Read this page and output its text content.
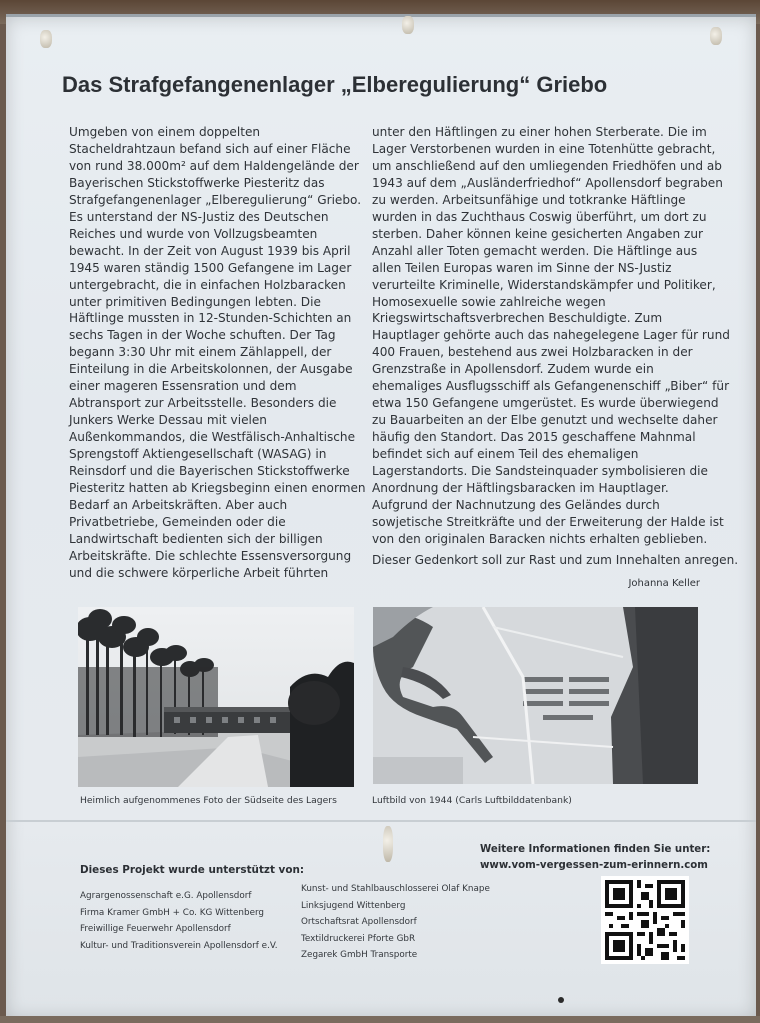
Das Strafgefangenenlager „Elberegulierung“ Griebo
Umgeben von einem doppelten
Stacheldrahtzaun befand sich auf einer Fläche
von rund 38.000m² auf dem Haldengelände der
Bayerischen Stickstoffwerke Piesteritz das
Strafgefangenenlager „Elberegulierung“ Griebo.
Es unterstand der NS-Justiz des Deutschen
Reiches und wurde von Vollzugsbeamten
bewacht. In der Zeit von August 1939 bis April
1945 waren ständig 1500 Gefangene im Lager
untergebracht, die in einfachen Holzbaracken
unter primitiven Bedingungen lebten. Die
Häftlinge mussten in 12-Stunden-Schichten an
sechs Tagen in der Woche schuften. Der Tag
begann 3:30 Uhr mit einem Zählappell, der
Einteilung in die Arbeitskolonnen, der Ausgabe
einer mageren Essensration und dem
Abtransport zur Arbeitsstelle. Besonders die
Junkers Werke Dessau mit vielen
Außenkommandos, die Westfälisch-Anhaltische
Sprengstoff Aktiengesellschaft (WASAG) in
Reinsdorf und die Bayerischen Stickstoffwerke
Piesteritz hatten ab Kriegsbeginn einen enormen
Bedarf an Arbeitskräften. Aber auch
Privatbetriebe, Gemeinden oder die
Landwirtschaft bedienten sich der billigen
Arbeitskräfte. Die schlechte Essensversorgung
und die schwere körperliche Arbeit führten
unter den Häftlingen zu einer hohen Sterberate. Die im
Lager Verstorbenen wurden in eine Totenhütte gebracht,
um anschließend auf den umliegenden Friedhöfen und ab
1943 auf dem „Ausländerfriedhof“ Apollensdorf begraben
zu werden. Arbeitsunfähige und totkranke Häftlinge
wurden in das Zuchthaus Coswig überführt, um dort zu
sterben. Daher können keine gesicherten Angaben zur
Anzahl aller Toten gemacht werden. Die Häftlinge aus
allen Teilen Europas waren im Sinne der NS-Justiz
verurteilte Kriminelle, Widerstandskämpfer und Politiker,
Homosexuelle sowie zahlreiche wegen
Kriegswirtschaftsverbrechen Beschuldigte. Zum
Hauptlager gehörte auch das nahegelegene Lager für rund
400 Frauen, bestehend aus zwei Holzbaracken in der
Grenzstraße in Apollensdorf. Zudem wurde ein
ehemaliges Ausflugsschiff als Gefangenenschiff „Biber“ für
etwa 150 Gefangene umgerüstet. Es wurde überwiegend
zu Bauarbeiten an der Elbe genutzt und wechselte daher
häufig den Standort. Das 2015 geschaffene Mahnmal
befindet sich auf einem Teil des ehemaligen
Lagerstandorts. Die Sandsteinquader symbolisieren die
Anordnung der Häftlingsbaracken im Hauptlager.
Aufgrund der Nachnutzung des Geländes durch
sowjetische Streitkräfte und der Erweiterung der Halde ist
von den originalen Baracken nichts erhalten geblieben.
Dieser Gedenkort soll zur Rast und zum Innehalten anregen.
Johanna Keller
Heimlich aufgenommenes Foto der Südseite des Lagers	Luftbild von 1944 (Carls Luftbilddatenbank)
Dieses Projekt wurde unterstützt von:
Agrargenossenschaft e.G. Apollensdorf
Firma Kramer GmbH + Co. KG Wittenberg
Freiwillige Feuerwehr Apollensdorf
Kultur- und Traditionsverein Apollensdorf e.V.
Kunst- und Stahlbauschlosserei Olaf Knape
Linksjugend Wittenberg
Ortschaftsrat Apollensdorf
Textildruckerei Pforte GbR
Zegarek GmbH Transporte
Weitere Informationen finden Sie unter:
www.vom-vergessen-zum-erinnern.com
